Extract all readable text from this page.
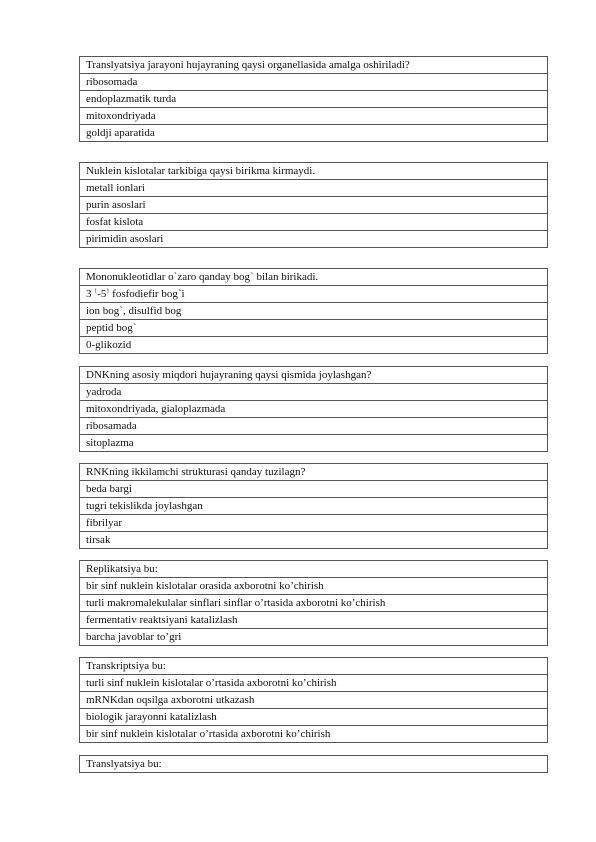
Translyatsiya jarayoni hujayraning qaysi organellasida amalga oshiriladi?
ribosomada
endoplazmatik turda
mitoxondriyada
goldji aparatida
Nuklein kislotalar tarkibiga qaysi birikma kirmaydi.
metall ionlari
purin asoslari
fosfat kislota
pirimidin asoslari
Mononukleotidlar o`zaro qanday bog` bilan birikadi.
3 $^1-5^1$ fosfodiefir bog`i
ion bog`, disulfid bog
peptid bog`
0-glikozid
DNKning asosiy miqdori hujayraning qaysi qismida joylashgan?
yadroda
mitoxondriyada, gialoplazmada
ribosamada
sitoplazma
RNKning ikkilamchi strukturasi qanday tuzilagn?
beda bargi
tugri tekislikda joylashgan
fibrilyar
tirsak
Replikatsiya bu:
bir sinf nuklein kislotalar orasida axborotni ko’chirish
turli makromalekulalar sinflari sinflar o’rtasida axborotni ko’chirish
fermentativ reaktsiyani katalizlash
barcha javoblar to’gri
Transkriptsiya bu:
turli sinf nuklein kislotalar o’rtasida axborotni ko’chirish
mRNKdan oqsilga axborotni utkazash
biologik jarayonni katalizlash
bir sinf nuklein kislotalar o’rtasida axborotni ko’chirish
Translyatsiya bu:
